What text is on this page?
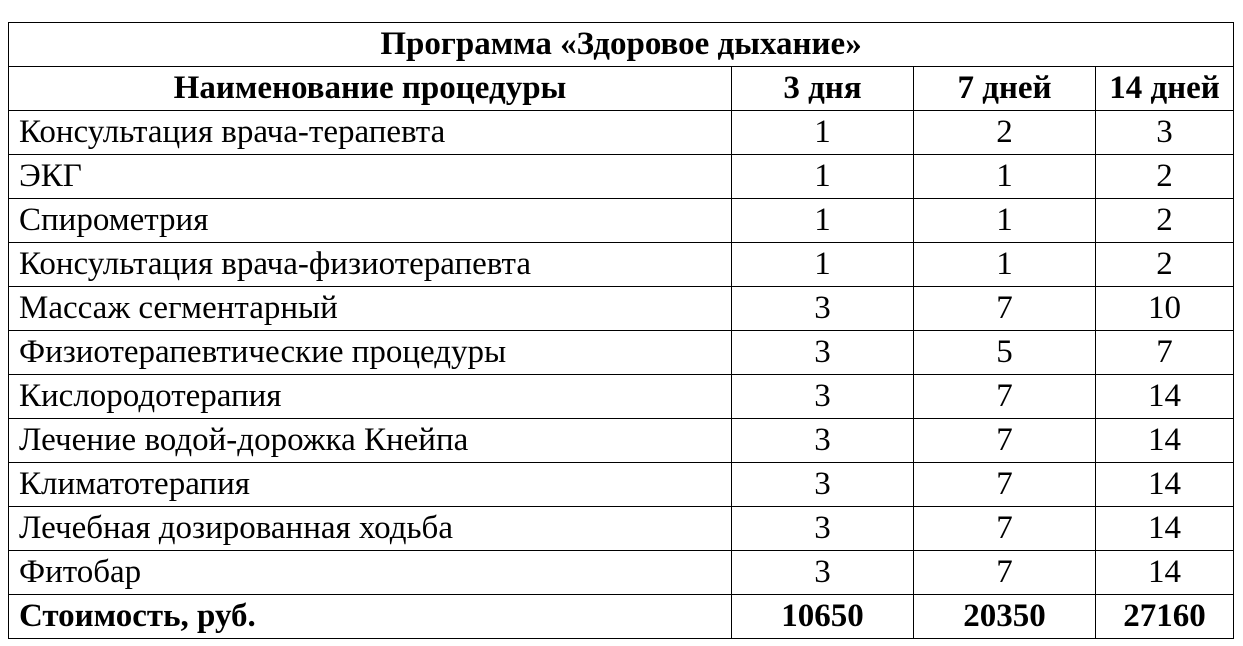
Программа «Здоровое дыхание»			
Наименование процедуры	3 дня	7 дней	14 дней
Консультация врача-терапевта	1	2	3
ЭКГ	1	1	2
Спирометрия	1	1	2
Консультация врача-физиотерапевта	1	1	2
Массаж сегментарный	3	7	10
Физиотерапевтические процедуры	3	5	7
Кислородотерапия	3	7	14
Лечение водой-дорожка Кнейпа	3	7	14
Климатотерапия	3	7	14
Лечебная дозированная ходьба	3	7	14
Фитобар	3	7	14
Стоимость, руб.	10650	20350	27160
